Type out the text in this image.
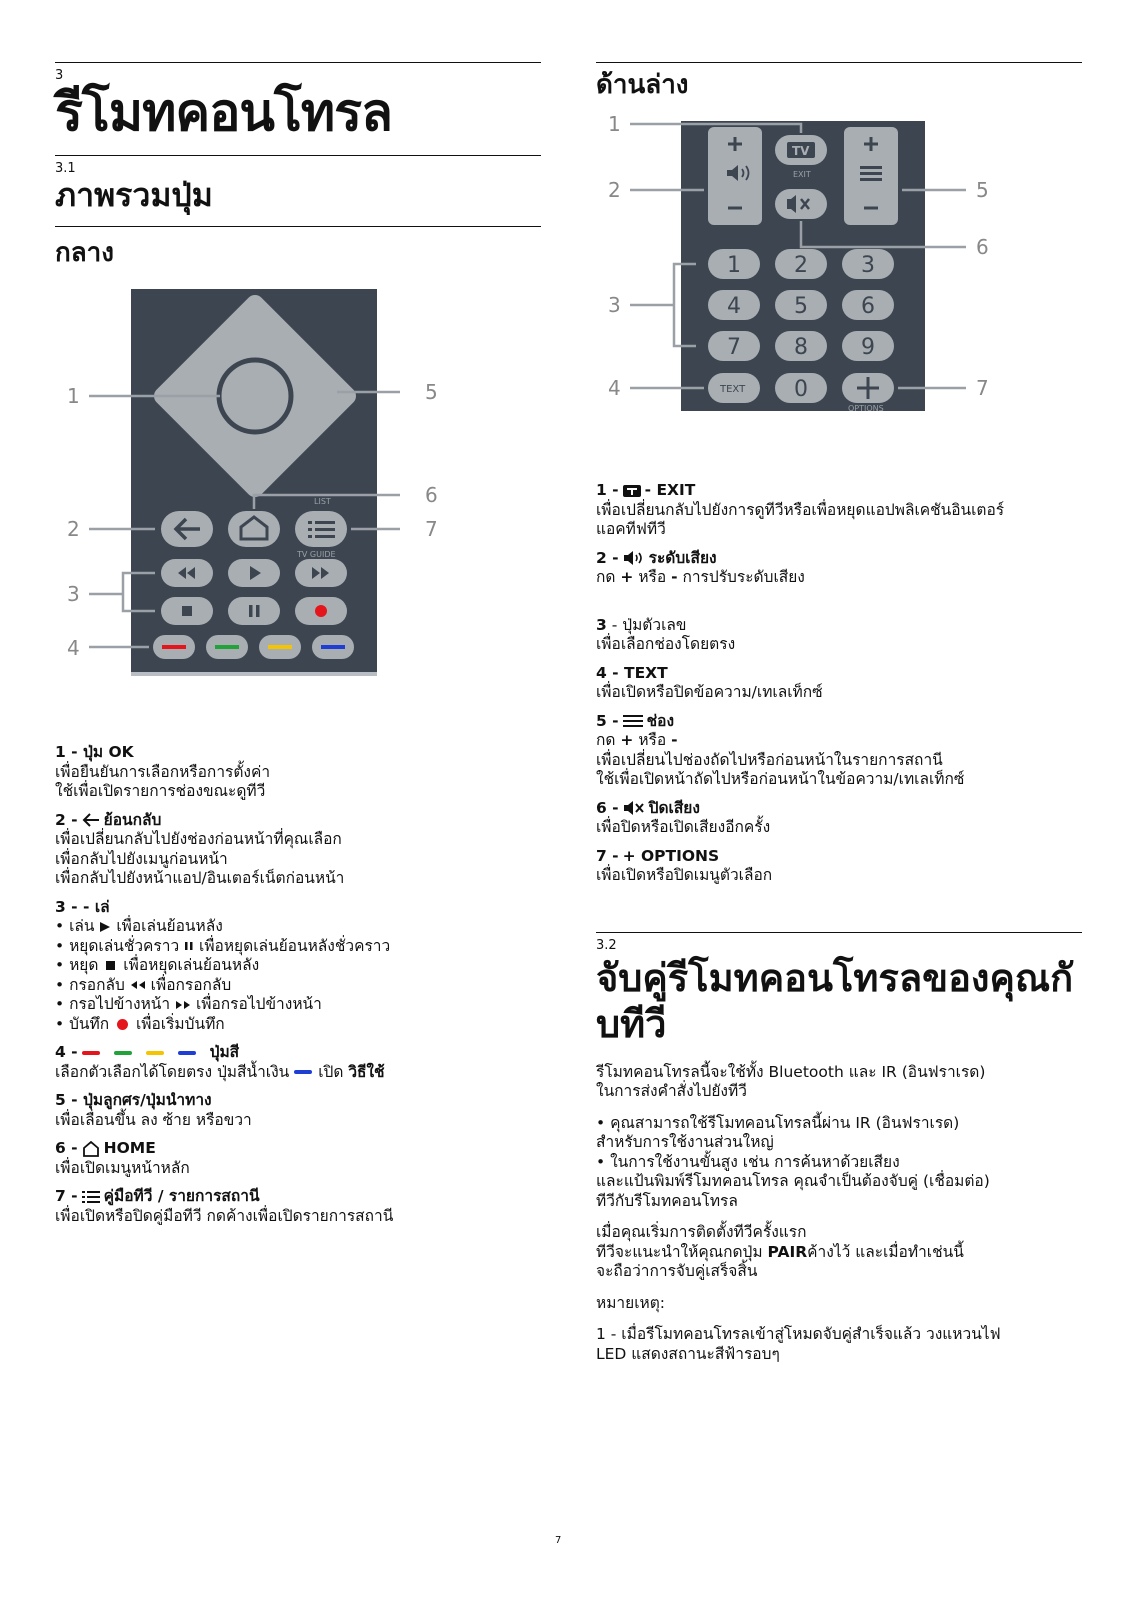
3
รีโมทคอนโทรล
3.1
ภาพรวมปุ่ม
กลาง
LIST
TV GUIDE
1
2
3
4
5
6
7
1 - ปุ่ม OK
เพื่อยืนยันการเลือกหรือการตั้งค่า
ใช้เพื่อเปิดรายการช่องขณะดูทีวี
2 - ย้อนกลับ
เพื่อเปลี่ยนกลับไปยังช่องก่อนหน้าที่คุณเลือก
เพื่อกลับไปยังเมนูก่อนหน้า
เพื่อกลับไปยังหน้าแอป/อินเตอร์เน็ตก่อนหน้า
3 - - เล่
• เล่น  เพื่อเล่นย้อนหลัง
• หยุดเล่นชั่วคราว  เพื่อหยุดเล่นย้อนหลังชั่วคราว
• หยุด  เพื่อหยุดเล่นย้อนหลัง
• กรอกลับ  เพื่อกรอกลับ
• กรอไปข้างหน้า  เพื่อกรอไปข้างหน้า
• บันทึก  เพื่อเริ่มบันทึก
4 -	ปุ่มสี
เลือกตัวเลือกได้โดยตรง ปุ่มสีน้ำเงิน เปิด วิธีใช้
5 - ปุ่มลูกศร/ปุ่มนำทาง
เพื่อเลื่อนขึ้น ลง ซ้าย หรือขวา
6 - HOME
เพื่อเปิดเมนูหน้าหลัก
7 - คู่มือทีวี / รายการสถานี
เพื่อเปิดหรือปิดคู่มือทีวี กดค้างเพื่อเปิดรายการสถานี
ด้านล่าง
TV
EXIT
1 2 3
4 5 6
7 8 9
0
TEXT
OPTIONS
1
2
3
4
5
6
7
1 - - EXIT
เพื่อเปลี่ยนกลับไปยังการดูทีวีหรือเพื่อหยุดแอปพลิเคชันอินเตอร์
แอคทีฟทีวี
2 - ระดับเสียง
กด + หรือ - การปรับระดับเสียง
3 - ปุ่มตัวเลข
เพื่อเลือกช่องโดยตรง
4 - TEXT
เพื่อเปิดหรือปิดข้อความ/เทเลเท็กซ์
5 - ช่อง
กด + หรือ -
เพื่อเปลี่ยนไปช่องถัดไปหรือก่อนหน้าในรายการสถานี
ใช้เพื่อเปิดหน้าถัดไปหรือก่อนหน้าในข้อความ/เทเลเท็กซ์
6 - ปิดเสียง
เพื่อปิดหรือเปิดเสียงอีกครั้ง
7 - + OPTIONS
เพื่อเปิดหรือปิดเมนูตัวเลือก
3.2
จับคู่รีโมทคอนโทรลของคุณกั
บทีวี
รีโมทคอนโทรลนี้จะใช้ทั้ง Bluetooth และ IR (อินฟราเรด)
ในการส่งคำสั่งไปยังทีวี
• คุณสามารถใช้รีโมทคอนโทรลนี้ผ่าน IR (อินฟราเรด)
สำหรับการใช้งานส่วนใหญ่
• ในการใช้งานขั้นสูง เช่น การค้นหาด้วยเสียง
และแป้นพิมพ์รีโมทคอนโทรล คุณจำเป็นต้องจับคู่ (เชื่อมต่อ)
ทีวีกับรีโมทคอนโทรล
เมื่อคุณเริ่มการติดตั้งทีวีครั้งแรก
ทีวีจะแนะนำให้คุณกดปุ่ม PAIRค้างไว้ และเมื่อทำเช่นนี้
จะถือว่าการจับคู่เสร็จสิ้น
หมายเหตุ:
1 - เมื่อรีโมทคอนโทรลเข้าสู่โหมดจับคู่สำเร็จแล้ว วงแหวนไฟ
LED แสดงสถานะสีฟ้ารอบๆ
7
